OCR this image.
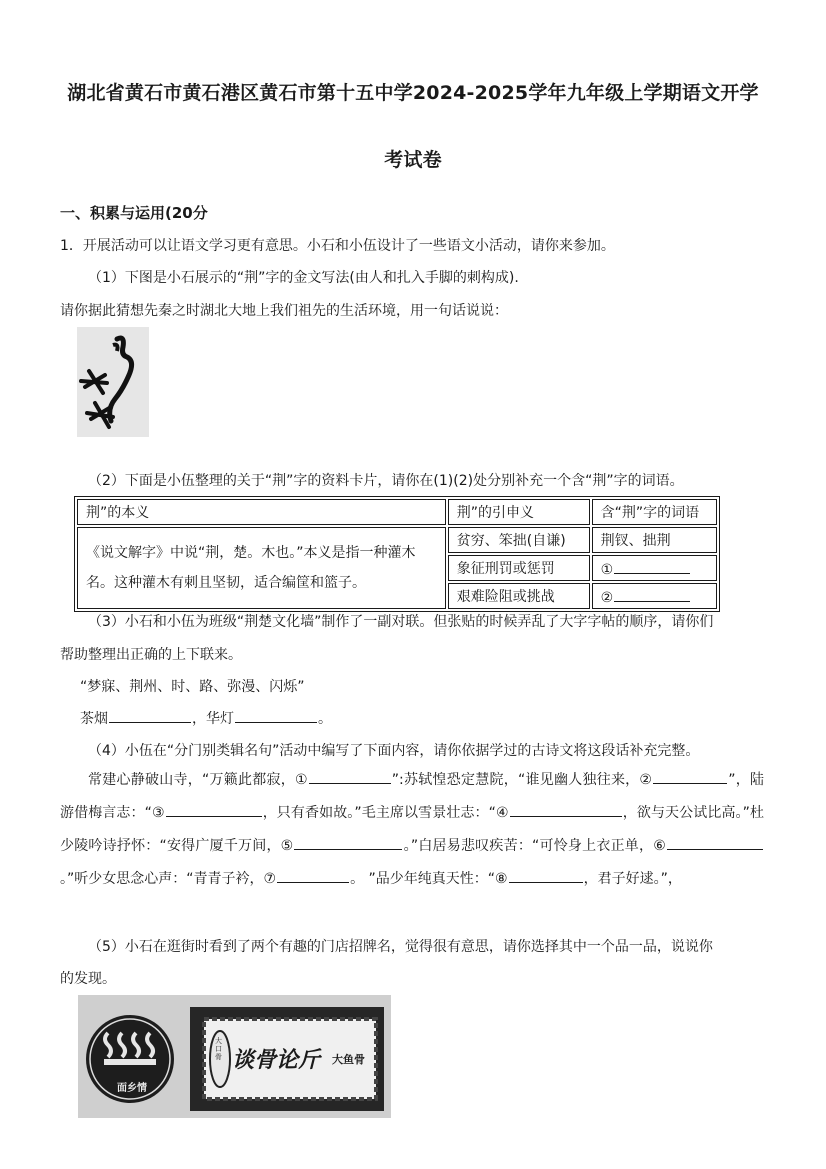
湖北省黄石市黄石港区黄石市第十五中学2024-2025学年九年级上学期语文开学
考试卷
一、积累与运用(20分
1．开展活动可以让语文学习更有意思。小石和小伍设计了一些语文小活动，请你来参加。
（1）下图是小石展示的“荆”字的金文写法(由人和扎入手脚的刺构成).
请你据此猜想先秦之时湖北大地上我们祖先的生活环境，用一句话说说：
（2）下面是小伍整理的关于“荆”字的资料卡片，请你在(1)(2)处分别补充一个含“荆”字的词语。
荆”的本义	荆”的引申义	含“荆”字的词语
《说文解字》中说“荆，楚。木也。”本义是指一种灌木名。这种灌木有刺且坚韧，适合编筐和篮子。	贫穷、笨拙(自谦)	荆钗、拙荆
	象征刑罚或惩罚	①
	艰难险阻或挑战	②
（3）小石和小伍为班级“荆楚文化墙”制作了一副对联。但张贴的时候弄乱了大字字帖的顺序，请你们
帮助整理出正确的上下联来。
“梦寐、荆州、时、路、弥漫、闪烁”
茶烟	，华灯	。
（4）小伍在“分门别类辑名句”活动中编写了下面内容，请你依据学过的古诗文将这段话补充完整。
常建心静破山寺，“万籁此都寂，①	”:苏轼惶恐定慧院，“谁见幽人独往来，②	”，陆游借梅言志：“③	，只有香如故。”毛主席以雪景壮志：“④	，欲与天公试比高。”杜少陵吟诗抒怀：“安得广厦千万间，⑤	。”白居易悲叹疾苦：“可怜身上衣正单，⑥。”听少女思念心声：“青青子衿，⑦	。 ”品少年纯真天性：“⑧	，君子好逑。”，
（5）小石在逛街时看到了两个有趣的门店招牌名，觉得很有意思，请你选择其中一个品一品，说说你
的发现。
面乡情
大口骨 谈骨论斤 大鱼骨
